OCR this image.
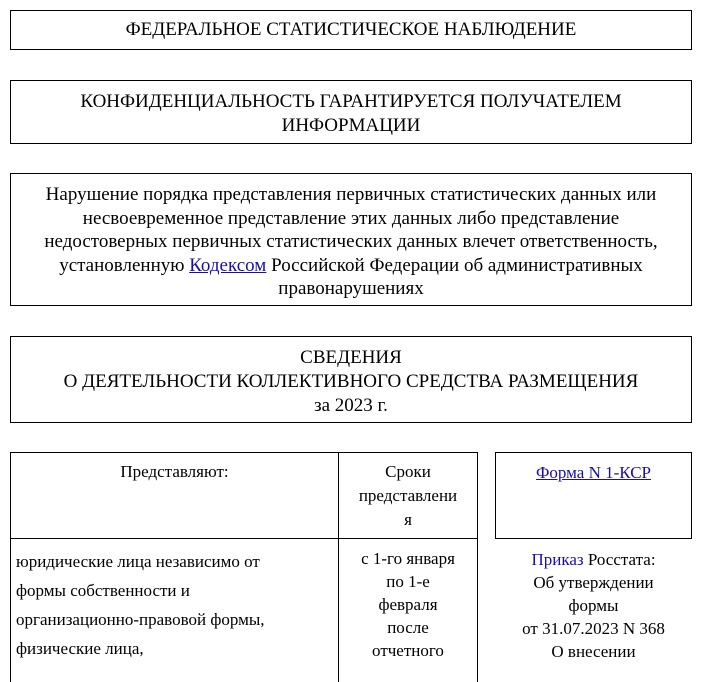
ФЕДЕРАЛЬНОЕ СТАТИСТИЧЕСКОЕ НАБЛЮДЕНИЕ
КОНФИДЕНЦИАЛЬНОСТЬ ГАРАНТИРУЕТСЯ ПОЛУЧАТЕЛЕМ
ИНФОРМАЦИИ
Нарушение порядка представления первичных статистических данных или
несвоевременное представление этих данных либо представление
недостоверных первичных статистических данных влечет ответственность,
установленную Кодексом Российской Федерации об административных
правонарушениях
СВЕДЕНИЯ
О ДЕЯТЕЛЬНОСТИ КОЛЛЕКТИВНОГО СРЕДСТВА РАЗМЕЩЕНИЯ
за 2023 г.
Представляют:	Сроки
представлени
я
юридические лица независимо от
формы собственности и
организационно-правовой формы,
физические лица,
с 1-го января
по 1-е
февраля
после
отчетного
Форма N 1-КСР
Приказ Росстата:
Об утверждении
формы
от 31.07.2023 N 368
О внесении
